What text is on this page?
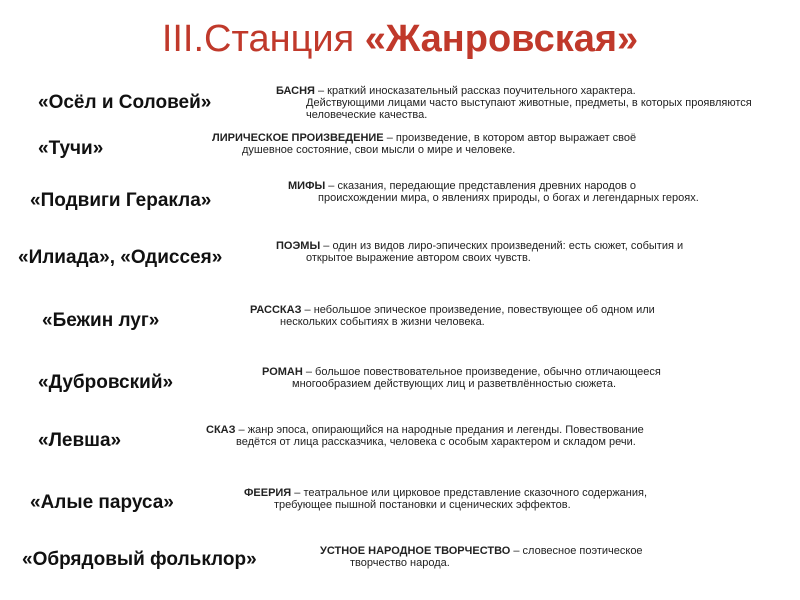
III.Станция «Жанровская»
«Осёл и Соловей»
«Тучи»
«Подвиги Геракла»
«Илиада», «Одиссея»
«Бежин луг»
«Дубровский»
«Левша»
«Алые паруса»
«Обрядовый фольклор»
БАСНЯ – краткий иносказательный рассказ поучительного характера.
Действующими лицами часто выступают животные, предметы, в которых проявляются человеческие качества.
ЛИРИЧЕСКОЕ ПРОИЗВЕДЕНИЕ – произведение, в котором автор выражает своё
душевное состояние, свои мысли о мире и человеке.
МИФЫ – сказания, передающие представления древних народов о
происхождении мира, о явлениях природы, о богах и легендарных героях.
ПОЭМЫ – один из видов лиро-эпических произведений: есть сюжет, события и
открытое выражение автором своих чувств.
РАССКАЗ – небольшое эпическое произведение, повествующее об одном или
нескольких событиях в жизни человека.
РОМАН – большое повествовательное произведение, обычно отличающееся
многообразием действующих лиц и разветвлённостью сюжета.
СКАЗ – жанр эпоса, опирающийся на народные предания и легенды. Повествование
ведётся от лица рассказчика, человека с особым характером и складом речи.
ФЕЕРИЯ – театральное или цирковое представление сказочного содержания,
требующее пышной постановки и сценических эффектов.
УСТНОЕ НАРОДНОЕ ТВОРЧЕСТВО – словесное поэтическое
творчество народа.
